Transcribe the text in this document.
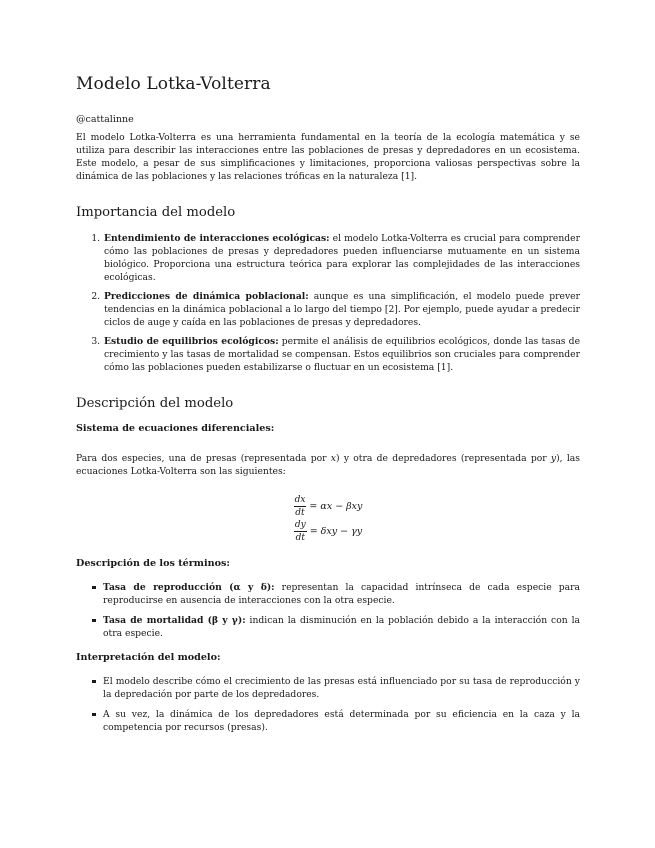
Modelo Lotka-Volterra
@cattalinne

El modelo Lotka-Volterra es una herramienta fundamental en la teoría de la ecología matemática y se utiliza para describir las interacciones entre las poblaciones de presas y depredadores en un ecosistema. Este modelo, a pesar de sus simplificaciones y limitaciones, proporciona valiosas perspectivas sobre la dinámica de las poblaciones y las relaciones tróficas en la naturaleza [1].

Importancia del modelo
1. Entendimiento de interacciones ecológicas: el modelo Lotka-Volterra es crucial para comprender cómo las poblaciones de presas y depredadores pueden influenciarse mutuamente en un sistema biológico. Proporciona una estructura teórica para explorar las complejidades de las interacciones ecológicas.
2. Predicciones de dinámica poblacional: aunque es una simplificación, el modelo puede prever tendencias en la dinámica poblacional a lo largo del tiempo [2]. Por ejemplo, puede ayudar a predecir ciclos de auge y caída en las poblaciones de presas y depredadores.
3. Estudio de equilibrios ecológicos: permite el análisis de equilibrios ecológicos, donde las tasas de crecimiento y las tasas de mortalidad se compensan. Estos equilibrios son cruciales para comprender cómo las poblaciones pueden estabilizarse o fluctuar en un ecosistema [1].
Descripción del modelo
Sistema de ecuaciones diferenciales:

Para dos especies, una de presas (representada por x) y otra de depredadores (representada por y), las ecuaciones Lotka-Volterra son las siguientes:

$\frac{dx}{dt} = \alpha x - \beta xy$
$\frac{dy}{dt} = \delta xy - \gamma y$
Descripción de los términos:
Tasa de reproducción (α y δ): representan la capacidad intrínseca de cada especie para reproducirse en ausencia de interacciones con la otra especie.
Tasa de mortalidad (β y γ): indican la disminución en la población debido a la interacción con la otra especie.
Interpretación del modelo:
El modelo describe cómo el crecimiento de las presas está influenciado por su tasa de reproducción y la depredación por parte de los depredadores.
A su vez, la dinámica de los depredadores está determinada por su eficiencia en la caza y la competencia por recursos (presas).
